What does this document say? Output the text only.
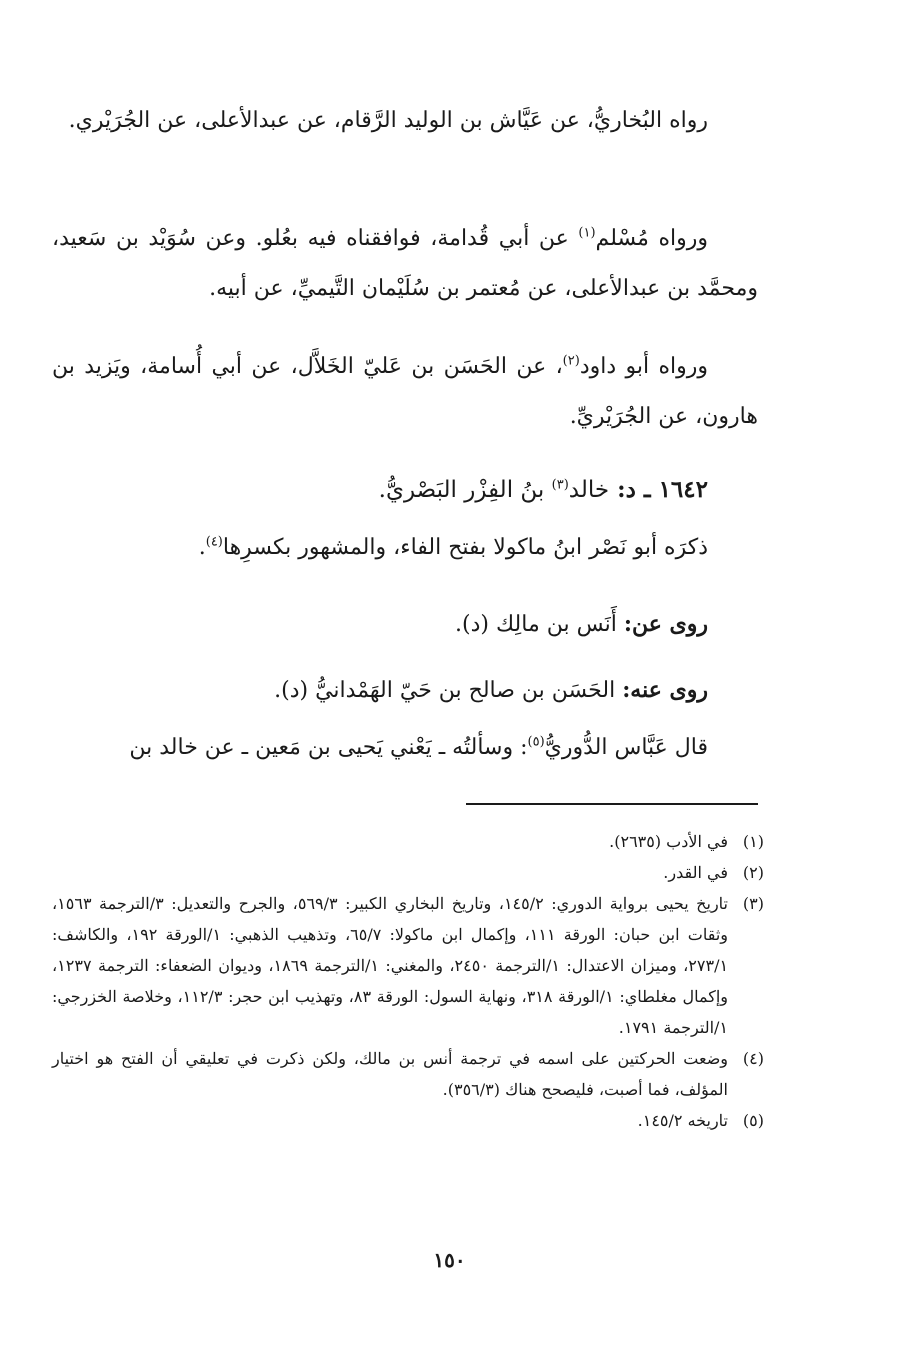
رواه البُخاريُّ، عن عَيَّاش بن الوليد الرَّقام، عن عبدالأعلى، عن الجُرَيْري.

ورواه مُسْلم$^{(١)}$ عن أبي قُدامة، فوافقناه فيه بعُلو. وعن سُوَيْد بن سَعيد، ومحمَّد بن عبدالأعلى، عن مُعتمر بن سُلَيْمان التَّيميِّ، عن أبيه.

ورواه أبو داود$^{(٢)}$، عن الحَسَن بن عَليّ الخَلاَّل، عن أبي أُسامة، ويَزيد بن هارون، عن الجُرَيْريِّ.

١٦٤٢ ـ د: خالد$^{(٣)}$ بنُ الفِزْر البَصْريُّ.
ذكرَه أبو نَصْر ابنُ ماكولا بفتح الفاء، والمشهور بكسرِها$^{(٤)}$.
روى عن: أَنَس بن مالِك (د).
روى عنه: الحَسَن بن صالح بن حَيّ الهَمْدانيُّ (د).
قال عَبَّاس الدُّوريُّ$^{(٥)}$: وسألتُه ـ يَعْني يَحيى بن مَعين ـ عن خالد بن
(١)
في الأدب (٢٦٣٥).
(٢)
في القدر.
(٣)
تاريخ يحيى برواية الدوري: ١٤٥/٢، وتاريخ البخاري الكبير: ٥٦٩/٣، والجرح والتعديل: ٣/الترجمة ١٥٦٣، وثقات ابن حبان: الورقة ١١١، وإكمال ابن ماكولا: ٦٥/٧، وتذهيب الذهبي: ١/الورقة ١٩٢، والكاشف: ٢٧٣/١، وميزان الاعتدال: ١/الترجمة ٢٤٥٠، والمغني: ١/الترجمة ١٨٦٩، وديوان الضعفاء: الترجمة ١٢٣٧، وإكمال مغلطاي: ١/الورقة ٣١٨، ونهاية السول: الورقة ٨٣، وتهذيب ابن حجر: ١١٢/٣، وخلاصة الخزرجي: ١/الترجمة ١٧٩١.
(٤)
وضعت الحركتين على اسمه في ترجمة أنس بن مالك، ولكن ذكرت في تعليقي أن الفتح هو اختيار المؤلف، فما أصبت، فليصحح هناك (٣٥٦/٣).
(٥)
تاريخه ١٤٥/٢.
١٥٠
